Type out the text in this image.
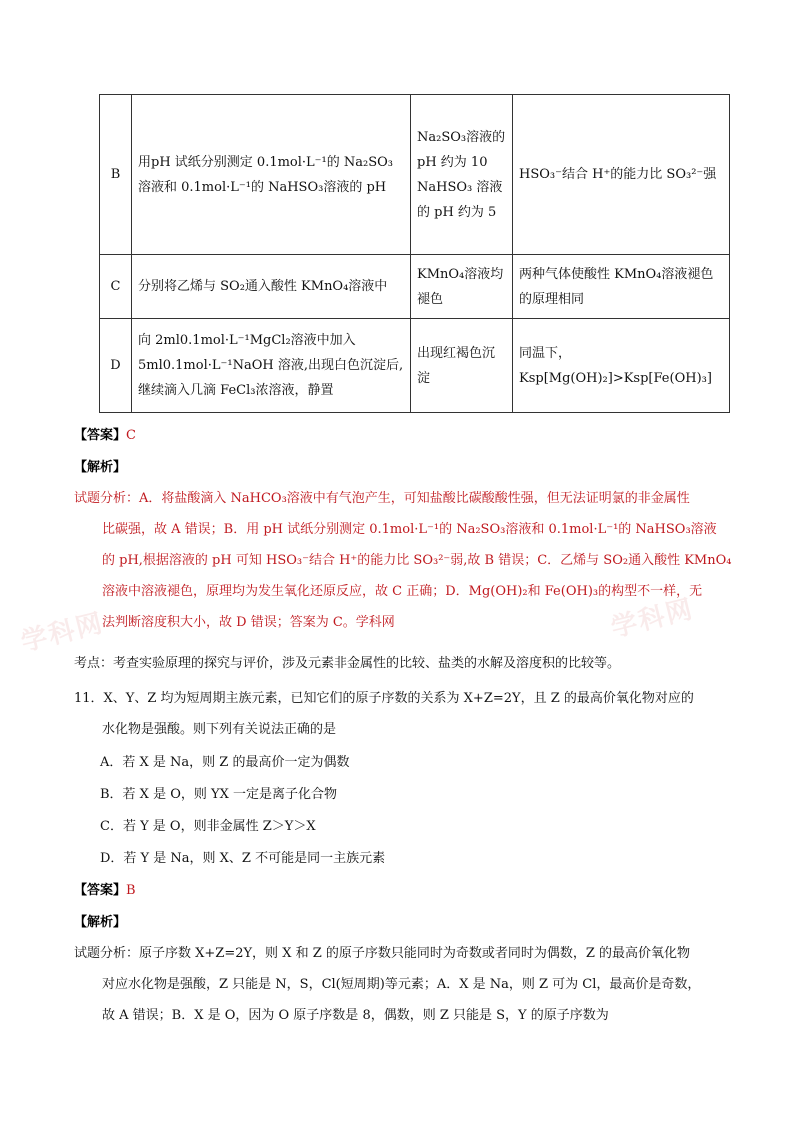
学科网
学科网
B	用pH 试纸分别测定 0.1mol·L⁻¹的 Na₂SO₃溶液和 0.1mol·L⁻¹的 NaHSO₃溶液的 pH	Na₂SO₃溶液的pH 约为 10 NaHSO₃ 溶液的 pH 约为 5	HSO₃⁻结合 H⁺的能力比 SO₃²⁻强
C	分别将乙烯与 SO₂通入酸性 KMnO₄溶液中	KMnO₄溶液均褪色	两种气体使酸性 KMnO₄溶液褪色的原理相同
D	向 2ml0.1mol·L⁻¹MgCl₂溶液中加入 5ml0.1mol·L⁻¹NaOH 溶液,出现白色沉淀后,继续滴入几滴 FeCl₃浓溶液，静置	出现红褐色沉淀	同温下，Ksp[Mg(OH)₂]>Ksp[Fe(OH)₃]
【答案】C
【解析】
试题分析：A．将盐酸滴入 NaHCO₃溶液中有气泡产生，可知盐酸比碳酸酸性强，但无法证明氯的非金属性
比碳强，故 A 错误；B．用 pH 试纸分别测定 0.1mol·L⁻¹的 Na₂SO₃溶液和 0.1mol·L⁻¹的 NaHSO₃溶液
的 pH,根据溶液的 pH 可知 HSO₃⁻结合 H⁺的能力比 SO₃²⁻弱,故 B 错误；C．乙烯与 SO₂通入酸性 KMnO₄
溶液中溶液褪色，原理均为发生氧化还原反应，故 C 正确；D．Mg(OH)₂和 Fe(OH)₃的构型不一样，无
法判断溶度积大小，故 D 错误；答案为 C。学科网
考点：考查实验原理的探究与评价，涉及元素非金属性的比较、盐类的水解及溶度积的比较等。
11．X、Y、Z 均为短周期主族元素，已知它们的原子序数的关系为 X+Z=2Y，且 Z 的最高价氧化物对应的
水化物是强酸。则下列有关说法正确的是
A．若 X 是 Na，则 Z 的最高价一定为偶数
B．若 X 是 O，则 YX 一定是离子化合物
C．若 Y 是 O，则非金属性 Z＞Y＞X
D．若 Y 是 Na，则 X、Z 不可能是同一主族元素
【答案】B
【解析】
试题分析：原子序数 X+Z=2Y，则 X 和 Z 的原子序数只能同时为奇数或者同时为偶数，Z 的最高价氧化物
对应水化物是强酸，Z 只能是 N，S，Cl(短周期)等元素；A．X 是 Na，则 Z 可为 Cl，最高价是奇数，
故 A 错误；B．X 是 O，因为 O 原子序数是 8，偶数，则 Z 只能是 S，Y 的原子序数为
